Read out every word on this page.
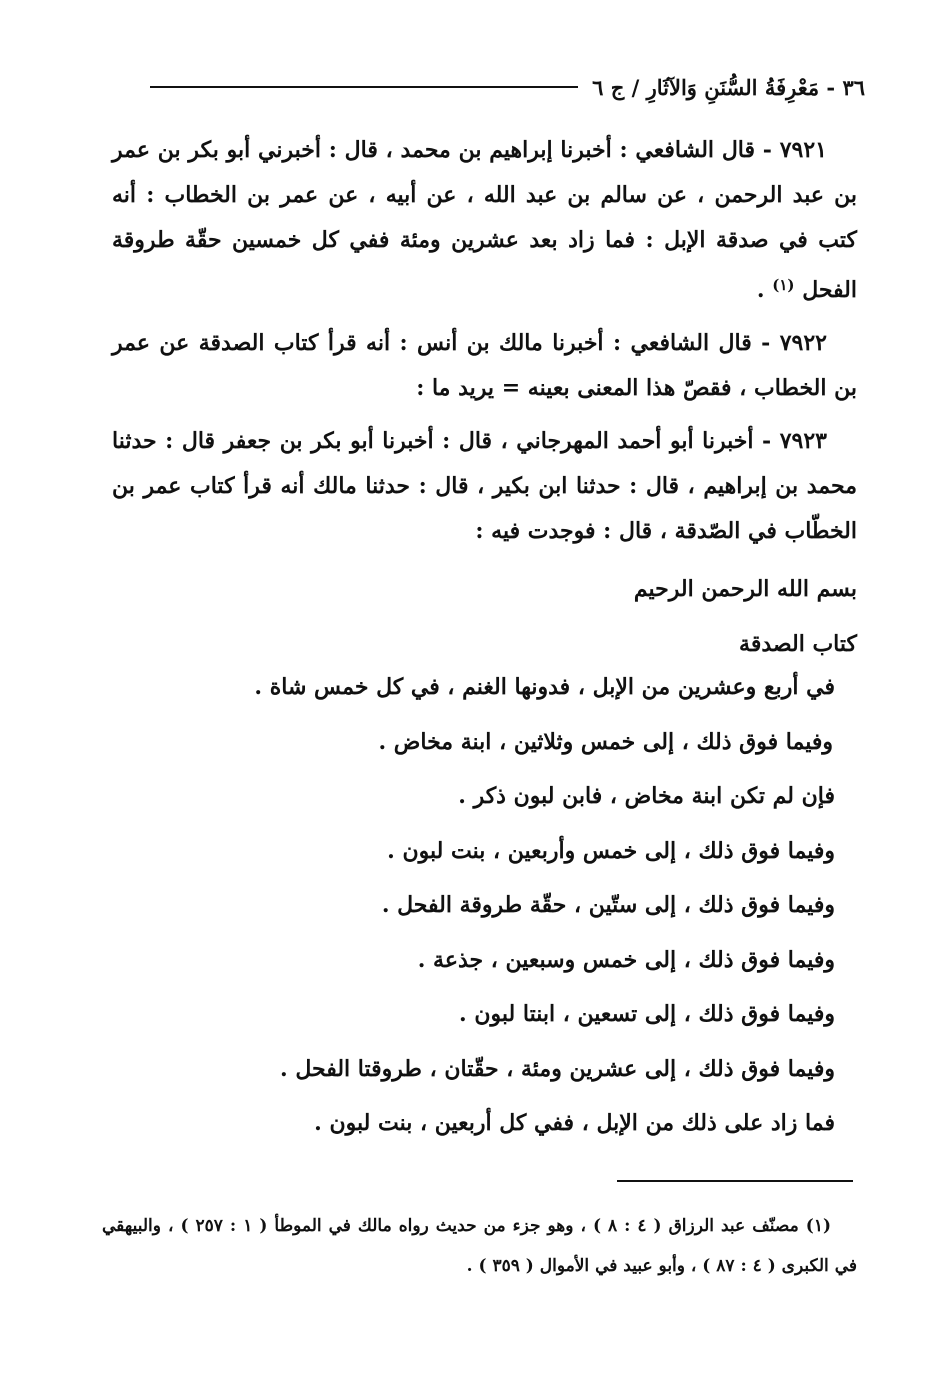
٣٦ - مَعْرِفَةُ السُّنَنِ وَالآثَارِ / ج ٦

٧٩٢١ - قال الشافعي : أخبرنا إبراهيم بن محمد ، قال : أخبرني أبو بكر بن عمر بن عبد الرحمن ، عن سالم بن عبد الله ، عن أبيه ، عن عمر بن الخطاب : أنه كتب في صدقة الإبل : فما زاد بعد عشرين ومئة ففي كل خمسين حقّة طروقة الفحل $^{(١)}$ .

٧٩٢٢ - قال الشافعي : أخبرنا مالك بن أنس : أنه قرأ كتاب الصدقة عن عمر بن الخطاب ، فقصّ هذا المعنى بعينه = يريد ما :

٧٩٢٣ - أخبرنا أبو أحمد المهرجاني ، قال : أخبرنا أبو بكر بن جعفر قال : حدثنا محمد بن إبراهيم ، قال : حدثنا ابن بكير ، قال : حدثنا مالك أنه قرأ كتاب عمر بن الخطّاب في الصّدقة ، قال : فوجدت فيه :

بسم الله الرحمن الرحيم

كتاب الصدقة

في أربع وعشرين من الإبل ، فدونها الغنم ، في كل خمس شاة .

وفيما فوق ذلك ، إلى خمس وثلاثين ، ابنة مخاض .

فإن لم تكن ابنة مخاض ، فابن لبون ذكر .

وفيما فوق ذلك ، إلى خمس وأربعين ، بنت لبون .

وفيما فوق ذلك ، إلى ستّين ، حقّة طروقة الفحل .

وفيما فوق ذلك ، إلى خمس وسبعين ، جذعة .

وفيما فوق ذلك ، إلى تسعين ، ابنتا لبون .

وفيما فوق ذلك ، إلى عشرين ومئة ، حقّتان ، طروقتا الفحل .

فما زاد على ذلك من الإبل ، ففي كل أربعين ، بنت لبون .

(١) مصنّف عبد الرزاق ( ٤ : ٨ ) ، وهو جزء من حديث رواه مالك في الموطأ ( ١ : ٢٥٧ ) ، والبيهقي في الكبرى ( ٤ : ٨٧ ) ، وأبو عبيد في الأموال ( ٣٥٩ ) .
